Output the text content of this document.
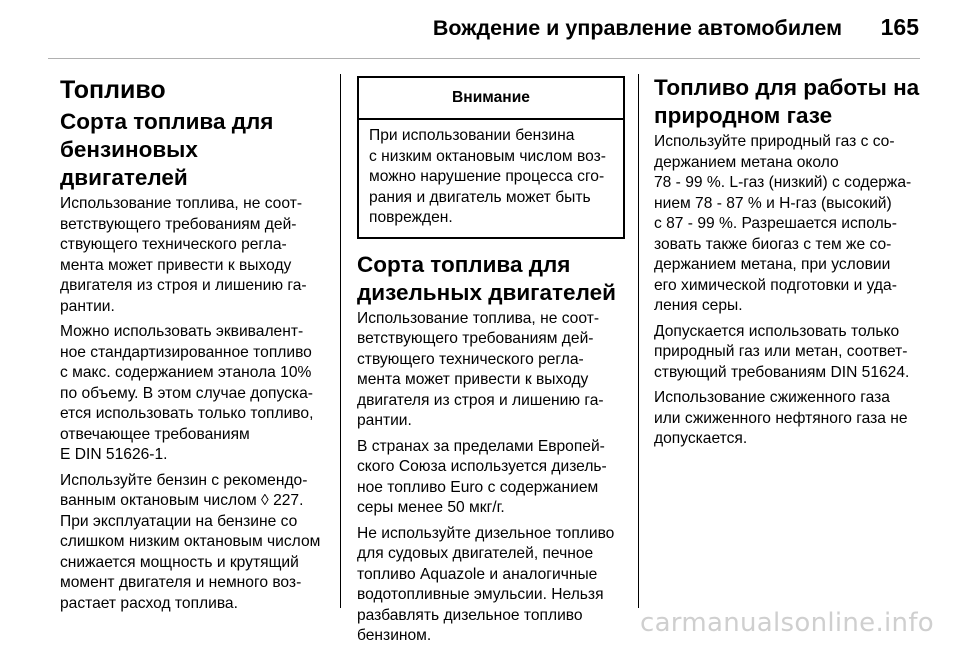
Вождение и управление автомобилем 165
Топливо
Сорта топлива для
бензиновых двигателей

Использование топлива, не соот-
ветствующего требованиям дей-
ствующего технического регла-
мента может привести к выходу
двигателя из строя и лишению га-
рантии.

Можно использовать эквивалент-
ное стандартизированное топливо
с макс. содержанием этанола 10%
по объему. В этом случае допуска-
ется использовать только топливо,
отвечающее требованиям
E DIN 51626-1.

Используйте бензин с рекомендо-
ванным октановым числом ◊ 227.
При эксплуатации на бензине со
слишком низким октановым числом
снижается мощность и крутящий
момент двигателя и немного воз-
растает расход топлива.

Внимание
При использовании бензина
с низким октановым числом воз-
можно нарушение процесса сго-
рания и двигатель может быть
поврежден.
Сорта топлива для
дизельных двигателей

Использование топлива, не соот-
ветствующего требованиям дей-
ствующего технического регла-
мента может привести к выходу
двигателя из строя и лишению га-
рантии.

В странах за пределами Европей-
ского Союза используется дизель-
ное топливо Euro с содержанием
серы менее 50 мкг/г.

Не используйте дизельное топливо
для судовых двигателей, печное
топливо Aquazole и аналогичные
водотопливные эмульсии. Нельзя
разбавлять дизельное топливо
бензином.

Топливо для работы на
природном газе

Используйте природный газ с со-
держанием метана около
78 - 99 %. L-газ (низкий) с содержа-
нием 78 - 87 % и H-газ (высокий)
с 87 - 99 %. Разрешается исполь-
зовать также биогаз с тем же со-
держанием метана, при условии
его химической подготовки и уда-
ления серы.

Допускается использовать только
природный газ или метан, соответ-
ствующий требованиям DIN 51624.

Использование сжиженного газа
или сжиженного нефтяного газа не
допускается.

carmanualsonline.info
